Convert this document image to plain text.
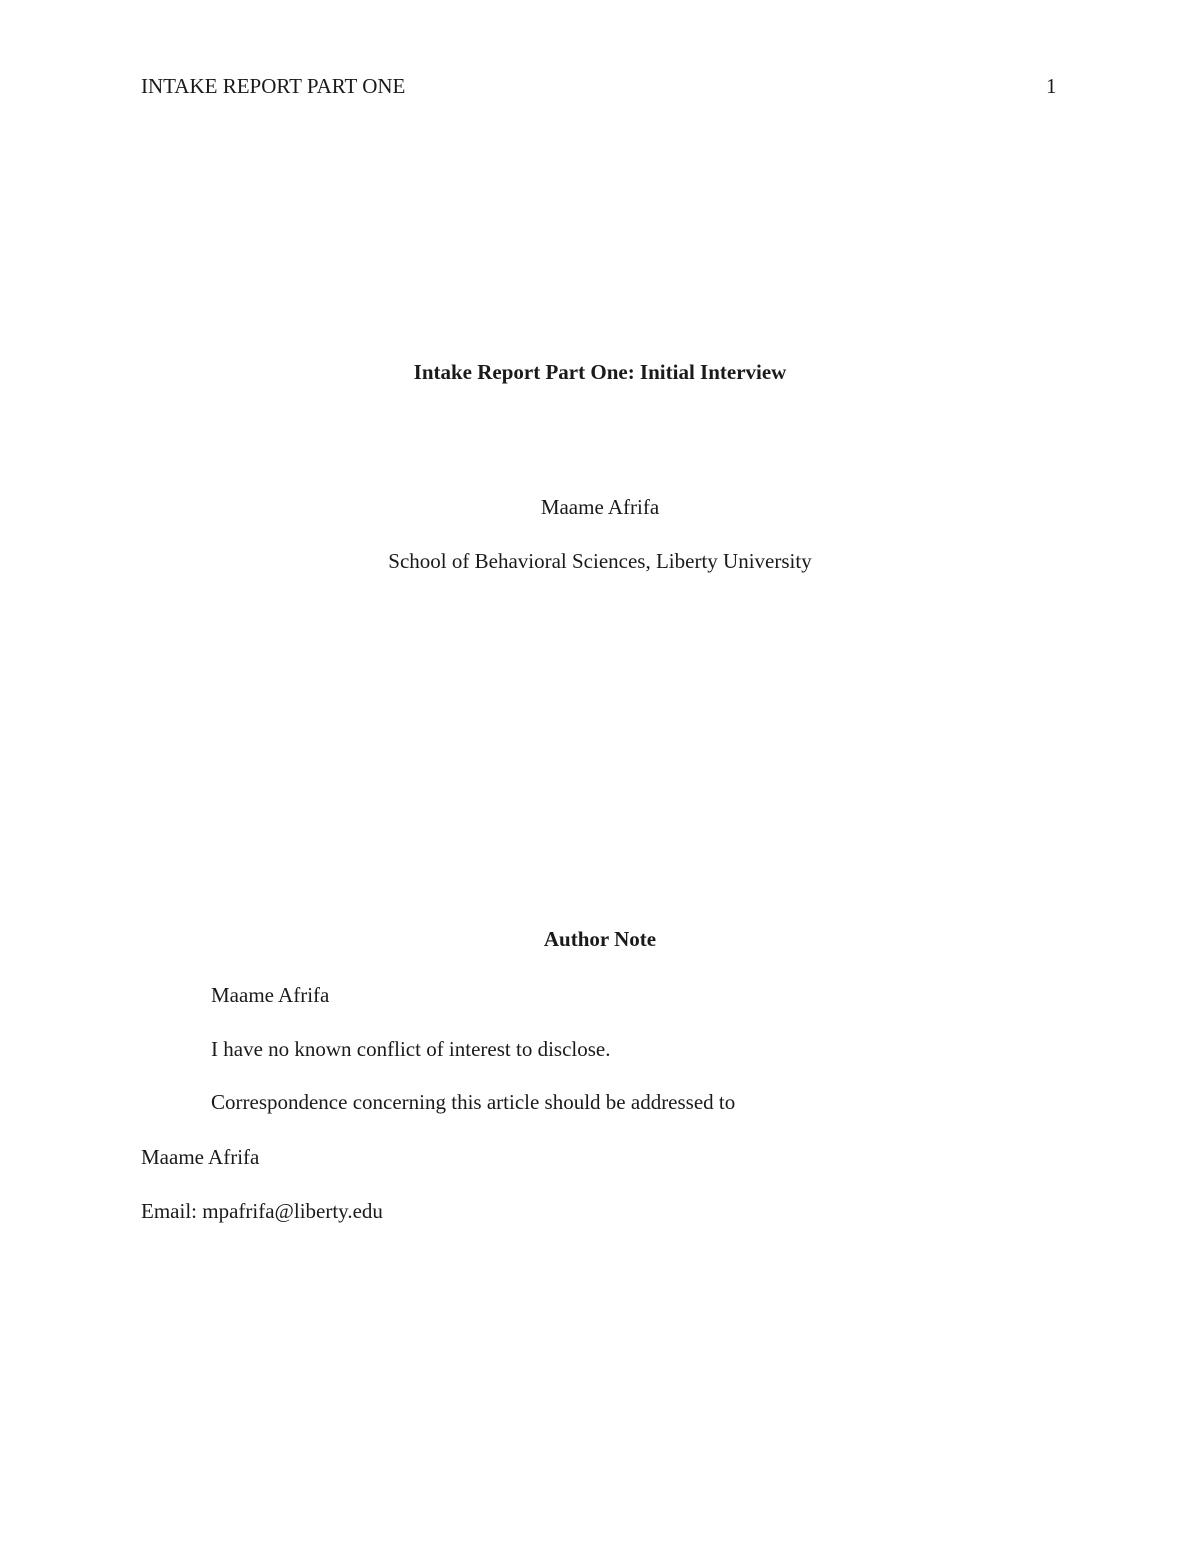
INTAKE REPORT PART ONE	1
Intake Report Part One: Initial Interview
Maame Afrifa
School of Behavioral Sciences, Liberty University
Author Note
Maame Afrifa
I have no known conflict of interest to disclose.
Correspondence concerning this article should be addressed to
Maame Afrifa
Email: mpafrifa@liberty.edu
